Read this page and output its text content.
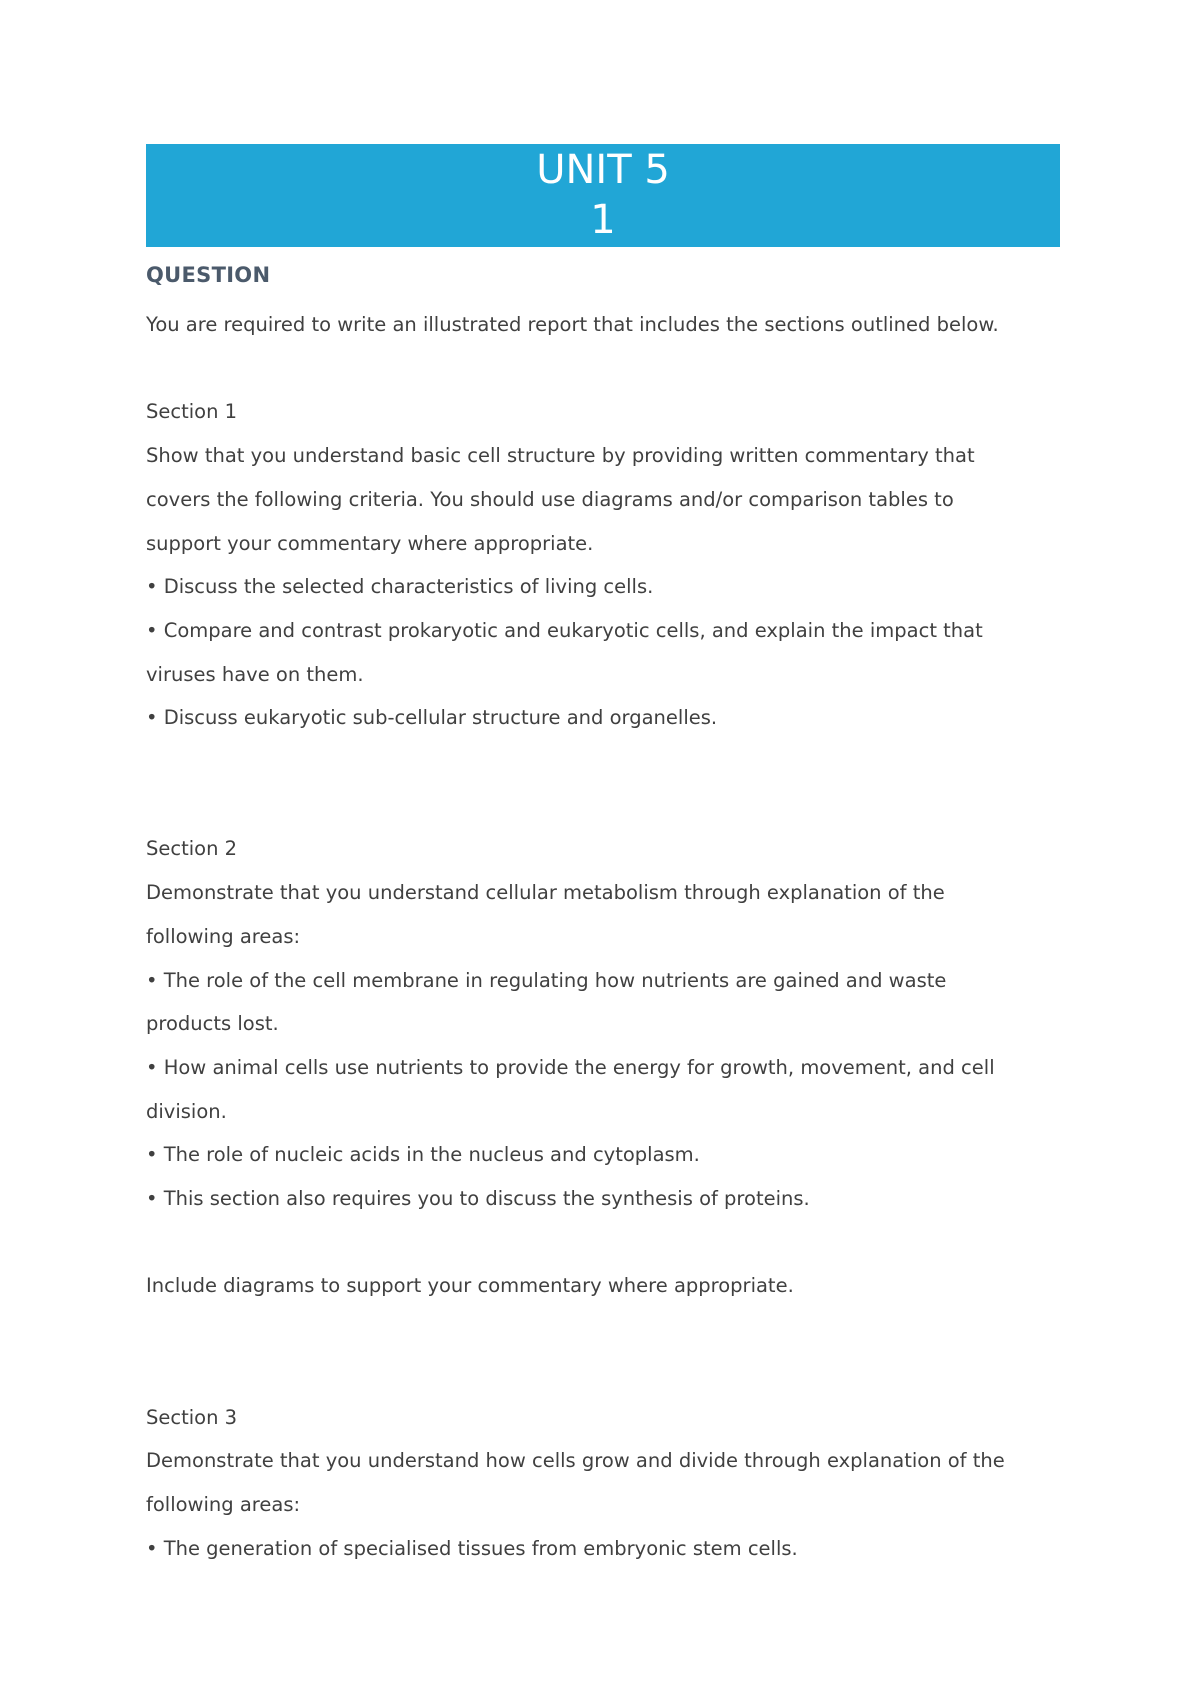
UNIT 5
1
QUESTION

You are required to write an illustrated report that includes the sections outlined below.

Section 1

Show that you understand basic cell structure by providing written commentary that

covers the following criteria. You should use diagrams and/or comparison tables to

support your commentary where appropriate.

• Discuss the selected characteristics of living cells.

• Compare and contrast prokaryotic and eukaryotic cells, and explain the impact that

viruses have on them.

• Discuss eukaryotic sub-cellular structure and organelles.

Section 2

Demonstrate that you understand cellular metabolism through explanation of the

following areas:

• The role of the cell membrane in regulating how nutrients are gained and waste

products lost.

• How animal cells use nutrients to provide the energy for growth, movement, and cell

division.

• The role of nucleic acids in the nucleus and cytoplasm.

• This section also requires you to discuss the synthesis of proteins.

Include diagrams to support your commentary where appropriate.

Section 3

Demonstrate that you understand how cells grow and divide through explanation of the

following areas:

• The generation of specialised tissues from embryonic stem cells.
